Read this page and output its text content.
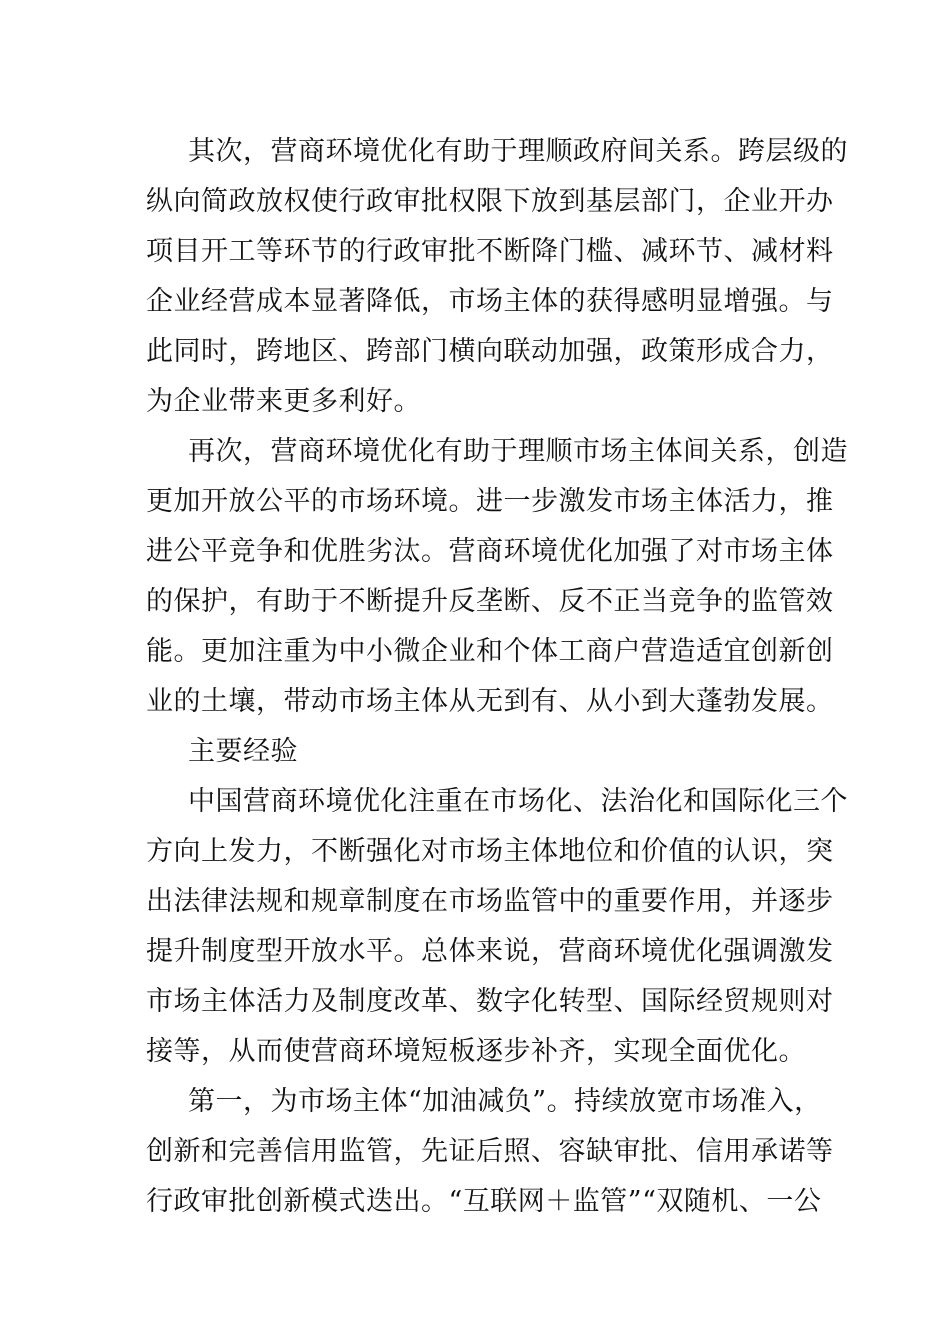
其次，营商环境优化有助于理顺政府间关系。跨层级的
纵向简政放权使行政审批权限下放到基层部门，企业开办
项目开工等环节的行政审批不断降门槛、减环节、减材料
企业经营成本显著降低，市场主体的获得感明显增强。与
此同时，跨地区、跨部门横向联动加强，政策形成合力，
为企业带来更多利好。
再次，营商环境优化有助于理顺市场主体间关系，创造
更加开放公平的市场环境。进一步激发市场主体活力，推
进公平竞争和优胜劣汰。营商环境优化加强了对市场主体
的保护，有助于不断提升反垄断、反不正当竞争的监管效
能。更加注重为中小微企业和个体工商户营造适宜创新创
业的土壤，带动市场主体从无到有、从小到大蓬勃发展。
主要经验
中国营商环境优化注重在市场化、法治化和国际化三个
方向上发力，不断强化对市场主体地位和价值的认识，突
出法律法规和规章制度在市场监管中的重要作用，并逐步
提升制度型开放水平。总体来说，营商环境优化强调激发
市场主体活力及制度改革、数字化转型、国际经贸规则对
接等，从而使营商环境短板逐步补齐，实现全面优化。
第一，为市场主体“加油减负”。持续放宽市场准入，
创新和完善信用监管，先证后照、容缺审批、信用承诺等
行政审批创新模式迭出。“互联网＋监管”“双随机、一公
